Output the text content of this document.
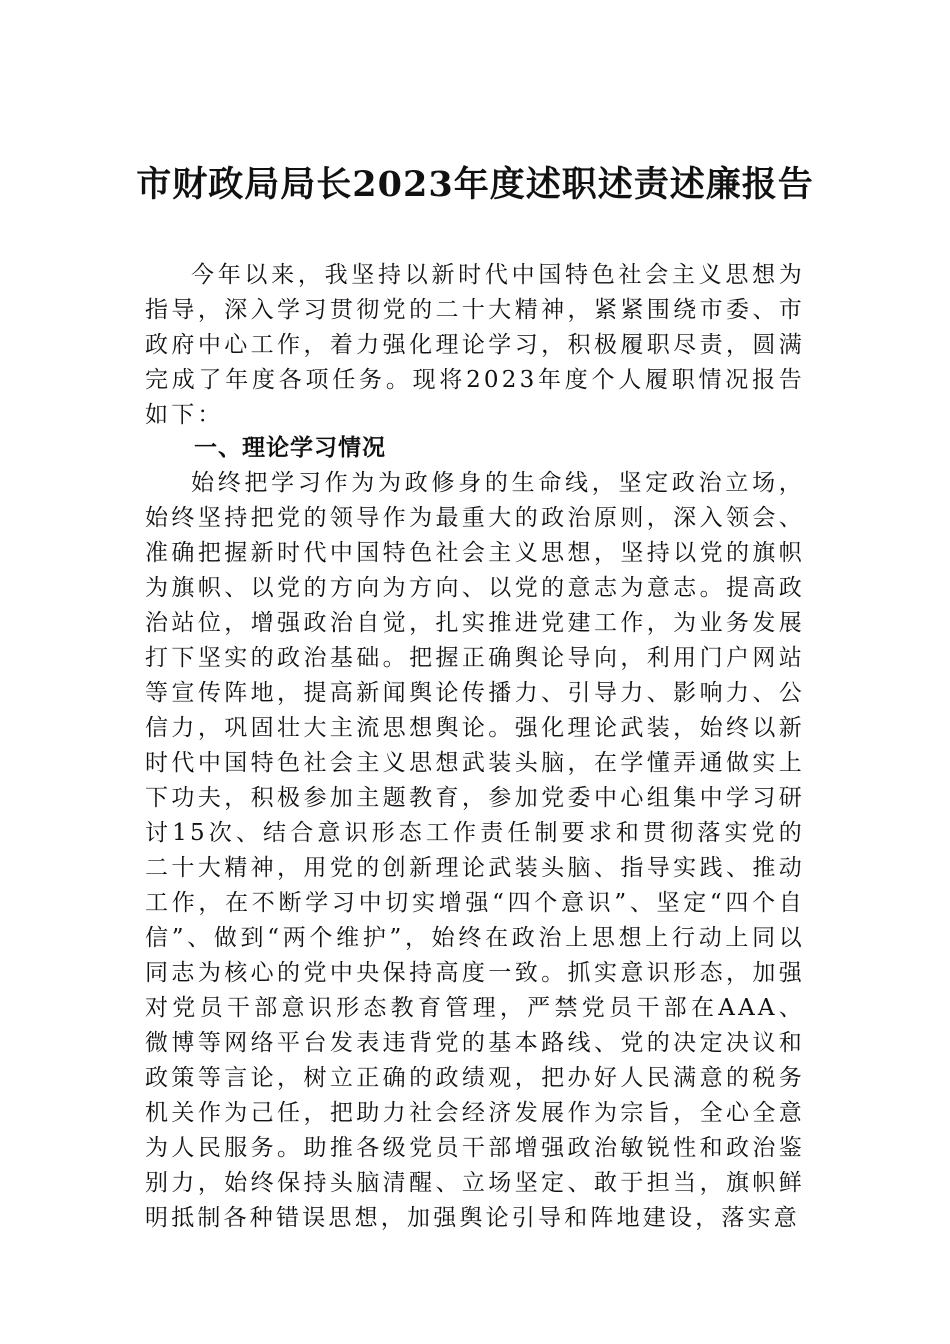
市财政局局长2023年度述职述责述廉报告

今年以来，我坚持以新时代中国特色社会主义思想为指导，深入学习贯彻党的二十大精神，紧紧围绕市委、市政府中心工作，着力强化理论学习，积极履职尽责，圆满完成了年度各项任务。现将2023年度个人履职情况报告如下：

一、理论学习情况

始终把学习作为为政修身的生命线，坚定政治立场，始终坚持把党的领导作为最重大的政治原则，深入领会、准确把握新时代中国特色社会主义思想，坚持以党的旗帜为旗帜、以党的方向为方向、以党的意志为意志。提高政治站位，增强政治自觉，扎实推进党建工作，为业务发展打下坚实的政治基础。把握正确舆论导向，利用门户网站等宣传阵地，提高新闻舆论传播力、引导力、影响力、公信力，巩固壮大主流思想舆论。强化理论武装，始终以新时代中国特色社会主义思想武装头脑，在学懂弄通做实上下功夫，积极参加主题教育，参加党委中心组集中学习研讨15次、结合意识形态工作责任制要求和贯彻落实党的二十大精神，用党的创新理论武装头脑、指导实践、推动工作，在不断学习中切实增强“四个意识”、坚定“四个自信”、做到“两个维护”，始终在政治上思想上行动上同以同志为核心的党中央保持高度一致。抓实意识形态，加强对党员干部意识形态教育管理，严禁党员干部在AAA、微博等网络平台发表违背党的基本路线、党的决定决议和政策等言论，树立正确的政绩观，把办好人民满意的税务机关作为己任，把助力社会经济发展作为宗旨，全心全意为人民服务。助推各级党员干部增强政治敏锐性和政治鉴别力，始终保持头脑清醒、立场坚定、敢于担当，旗帜鲜明抵制各种错误思想，加强舆论引导和阵地建设，落实意
